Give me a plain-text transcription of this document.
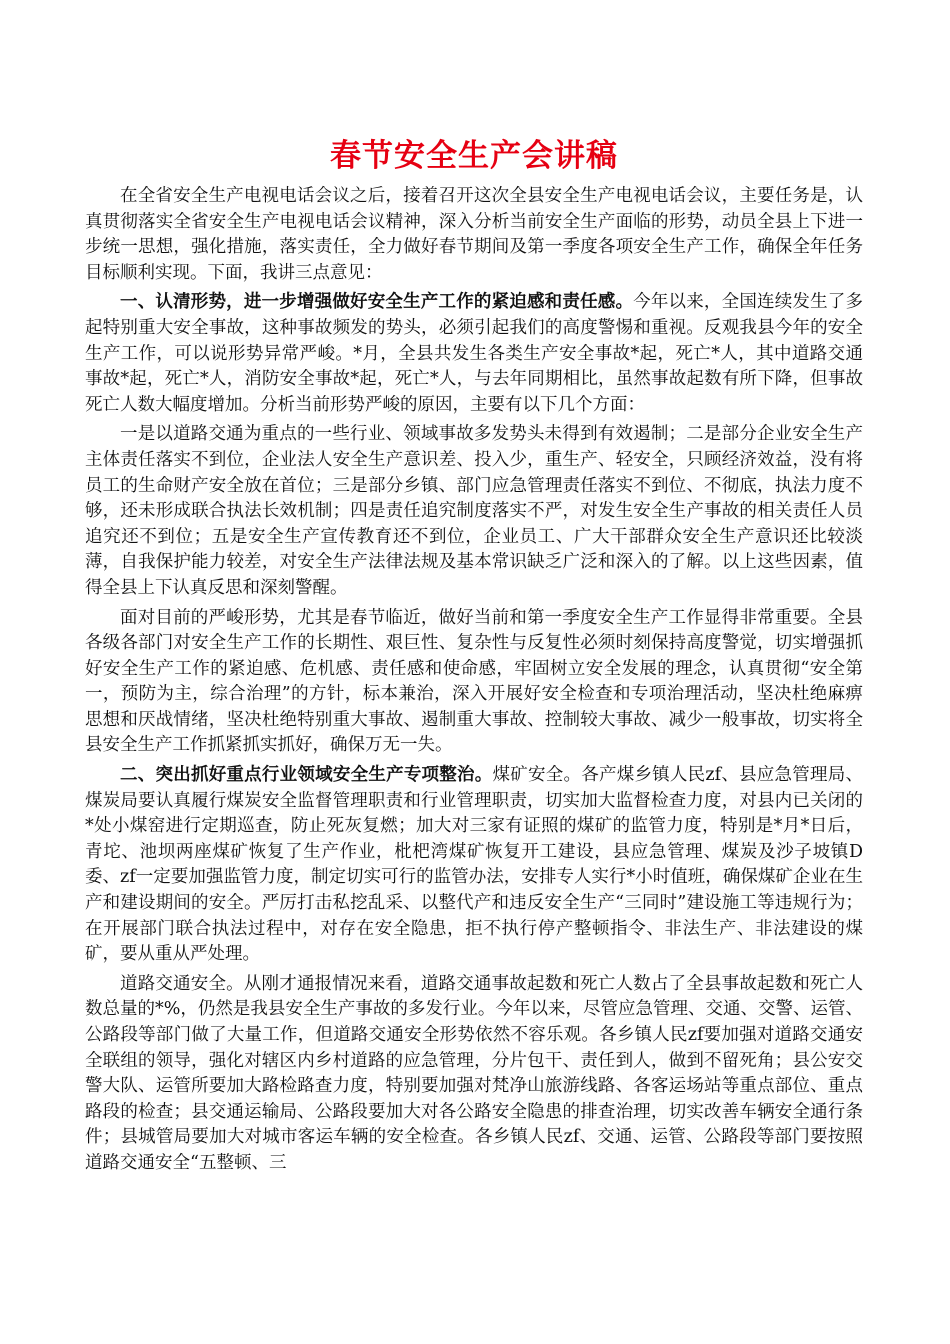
春节安全生产会讲稿

在全省安全生产电视电话会议之后，接着召开这次全县安全生产电视电话会议，主要任务是，认真贯彻落实全省安全生产电视电话会议精神，深入分析当前安全生产面临的形势，动员全县上下进一步统一思想，强化措施，落实责任，全力做好春节期间及第一季度各项安全生产工作，确保全年任务目标顺利实现。下面，我讲三点意见：

一、认清形势，进一步增强做好安全生产工作的紧迫感和责任感。今年以来，全国连续发生了多起特别重大安全事故，这种事故频发的势头，必须引起我们的高度警惕和重视。反观我县今年的安全生产工作，可以说形势异常严峻。*月，全县共发生各类生产安全事故*起，死亡*人，其中道路交通事故*起，死亡*人，消防安全事故*起，死亡*人，与去年同期相比，虽然事故起数有所下降，但事故死亡人数大幅度增加。分析当前形势严峻的原因，主要有以下几个方面：

一是以道路交通为重点的一些行业、领域事故多发势头未得到有效遏制；二是部分企业安全生产主体责任落实不到位，企业法人安全生产意识差、投入少，重生产、轻安全，只顾经济效益，没有将员工的生命财产安全放在首位；三是部分乡镇、部门应急管理责任落实不到位、不彻底，执法力度不够，还未形成联合执法长效机制；四是责任追究制度落实不严，对发生安全生产事故的相关责任人员追究还不到位；五是安全生产宣传教育还不到位，企业员工、广大干部群众安全生产意识还比较淡薄，自我保护能力较差，对安全生产法律法规及基本常识缺乏广泛和深入的了解。以上这些因素，值得全县上下认真反思和深刻警醒。

面对目前的严峻形势，尤其是春节临近，做好当前和第一季度安全生产工作显得非常重要。全县各级各部门对安全生产工作的长期性、艰巨性、复杂性与反复性必须时刻保持高度警觉，切实增强抓好安全生产工作的紧迫感、危机感、责任感和使命感，牢固树立安全发展的理念，认真贯彻“安全第一，预防为主，综合治理”的方针，标本兼治，深入开展好安全检查和专项治理活动，坚决杜绝麻痹思想和厌战情绪，坚决杜绝特别重大事故、遏制重大事故、控制较大事故、减少一般事故，切实将全县安全生产工作抓紧抓实抓好，确保万无一失。

二、突出抓好重点行业领域安全生产专项整治。煤矿安全。各产煤乡镇人民zf、县应急管理局、煤炭局要认真履行煤炭安全监督管理职责和行业管理职责，切实加大监督检查力度，对县内已关闭的*处小煤窑进行定期巡查，防止死灰复燃；加大对三家有证照的煤矿的监管力度，特别是*月*日后，青坨、池坝两座煤矿恢复了生产作业，枇杷湾煤矿恢复开工建设，县应急管理、煤炭及沙子坡镇D委、zf一定要加强监管力度，制定切实可行的监管办法，安排专人实行*小时值班，确保煤矿企业在生产和建设期间的安全。严厉打击私挖乱采、以整代产和违反安全生产“三同时”建设施工等违规行为；在开展部门联合执法过程中，对存在安全隐患，拒不执行停产整顿指令、非法生产、非法建设的煤矿，要从重从严处理。

道路交通安全。从刚才通报情况来看，道路交通事故起数和死亡人数占了全县事故起数和死亡人数总量的*%，仍然是我县安全生产事故的多发行业。今年以来，尽管应急管理、交通、交警、运管、公路段等部门做了大量工作，但道路交通安全形势依然不容乐观。各乡镇人民zf要加强对道路交通安全联组的领导，强化对辖区内乡村道路的应急管理，分片包干、责任到人，做到不留死角；县公安交警大队、运管所要加大路检路查力度，特别要加强对梵净山旅游线路、各客运场站等重点部位、重点路段的检查；县交通运输局、公路段要加大对各公路安全隐患的排查治理，切实改善车辆安全通行条件；县城管局要加大对城市客运车辆的安全检查。各乡镇人民zf、交通、运管、公路段等部门要按照道路交通安全“五整顿、三
